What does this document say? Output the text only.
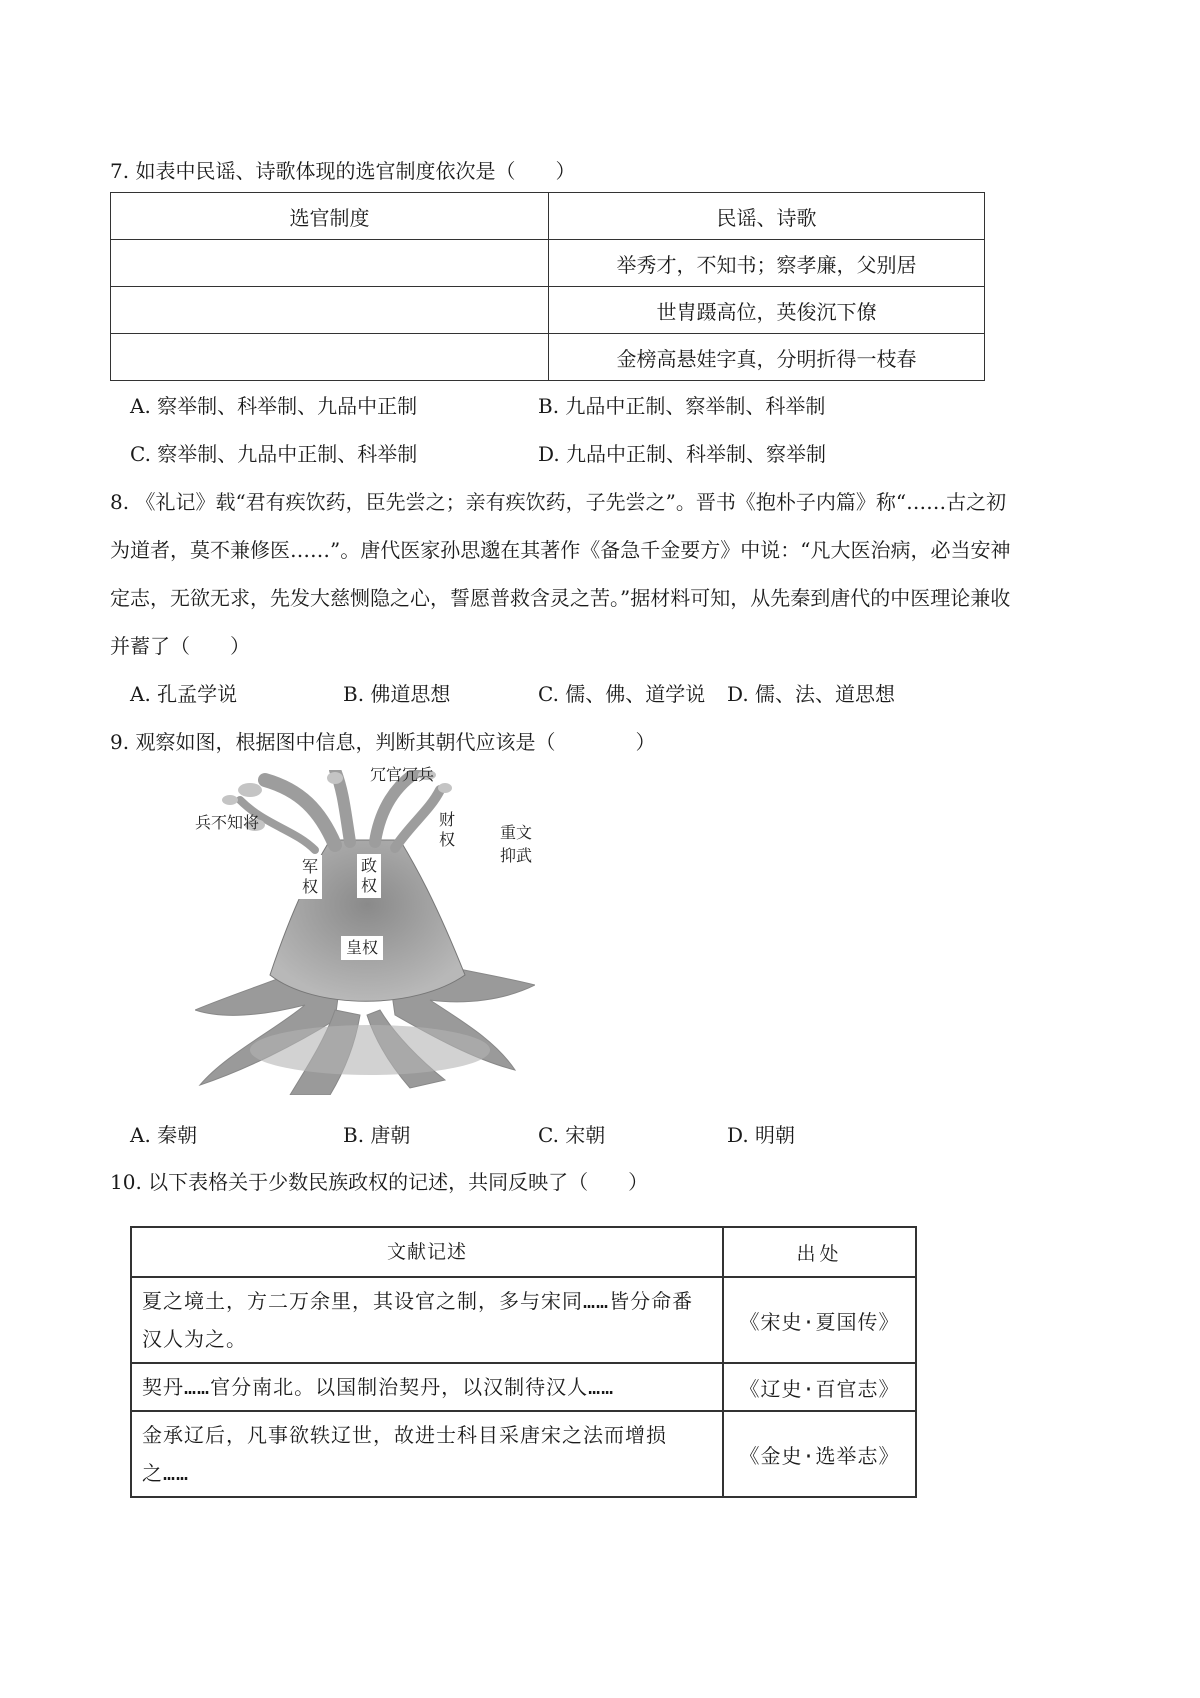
7. 如表中民谣、诗歌体现的选官制度依次是（　　）
选官制度	民谣、诗歌
	举秀才，不知书；察孝廉，父别居
	世胄蹑高位，英俊沉下僚
	金榜高悬娃字真，分明折得一枝春
A. 察举制、科举制、九品中正制	B. 九品中正制、察举制、科举制
C. 察举制、九品中正制、科举制	D. 九品中正制、科举制、察举制
8. 《礼记》载“君有疾饮药，臣先尝之；亲有疾饮药，子先尝之”。晋书《抱朴子内篇》称“……古之初
为道者，莫不兼修医……”。唐代医家孙思邈在其著作《备急千金要方》中说：“凡大医治病，必当安神
定志，无欲无求，先发大慈恻隐之心，誓愿普救含灵之苦。”据材料可知，从先秦到唐代的中医理论兼收
并蓄了（　　）
A. 孔孟学说	B. 佛道思想	C. 儒、佛、道学说 D. 儒、法、道思想
9. 观察如图，根据图中信息，判断其朝代应该是（　　　　）
冗官冗兵
兵不知将
重文抑武
财
权
军
权
政
权
皇权
A. 秦朝	B. 唐朝	C. 宋朝	D. 明朝
10. 以下表格关于少数民族政权的记述，共同反映了（　　）
文献记述	出处
夏之境土，方二万余里，其设官之制，多与宋同……皆分命番汉人为之。	《宋史·夏国传》
契丹……官分南北。以国制治契丹，以汉制待汉人……	《辽史·百官志》
金承辽后，凡事欲轶辽世，故进士科目采唐宋之法而增损之……	《金史·选举志》
